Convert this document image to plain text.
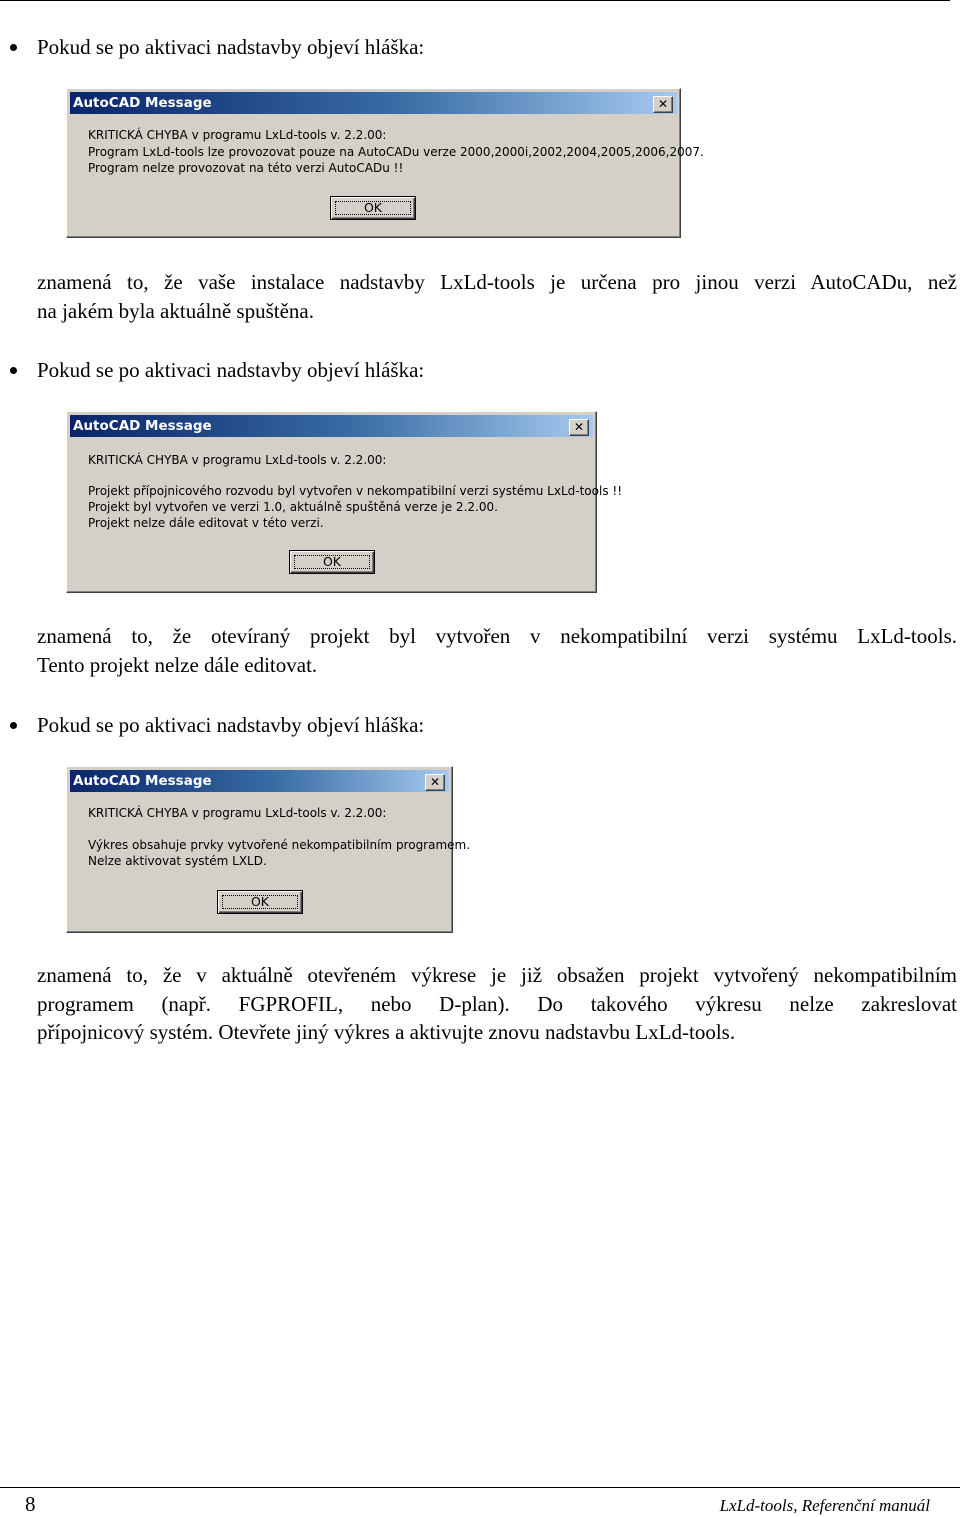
Pokud se po aktivaci nadstavby objeví hláška:
AutoCAD Message	✕
KRITICKÁ CHYBA v programu LxLd-tools v. 2.2.00:
Program LxLd-tools lze provozovat pouze na AutoCADu verze 2000,2000i,2002,2004,2005,2006,2007.
Program nelze provozovat na této verzi AutoCADu !!
OK
znamená to, že vaše instalace nadstavby LxLd-tools je určena pro jinou verzi AutoCADu, než
na jakém byla aktuálně spuštěna.
Pokud se po aktivaci nadstavby objeví hláška:
AutoCAD Message	✕
KRITICKÁ CHYBA v programu LxLd-tools v. 2.2.00:
Projekt přípojnicového rozvodu byl vytvořen v nekompatibilní verzi systému LxLd-tools !!
Projekt byl vytvořen ve verzi 1.0, aktuálně spuštěná verze je 2.2.00.
Projekt nelze dále editovat v této verzi.
OK
znamená to, že otevíraný projekt byl vytvořen v nekompatibilní verzi systému LxLd-tools.
Tento projekt nelze dále editovat.
Pokud se po aktivaci nadstavby objeví hláška:
AutoCAD Message	✕
KRITICKÁ CHYBA v programu LxLd-tools v. 2.2.00:
Výkres obsahuje prvky vytvořené nekompatibilním programem.
Nelze aktivovat systém LXLD.
OK
znamená to, že v aktuálně otevřeném výkrese je již obsažen projekt vytvořený nekompatibilním
programem (např. FGPROFIL, nebo D-plan). Do takového výkresu nelze zakreslovat
přípojnicový systém. Otevřete jiný výkres a aktivujte znovu nadstavbu LxLd-tools.
8	LxLd-tools, Referenční manuál
